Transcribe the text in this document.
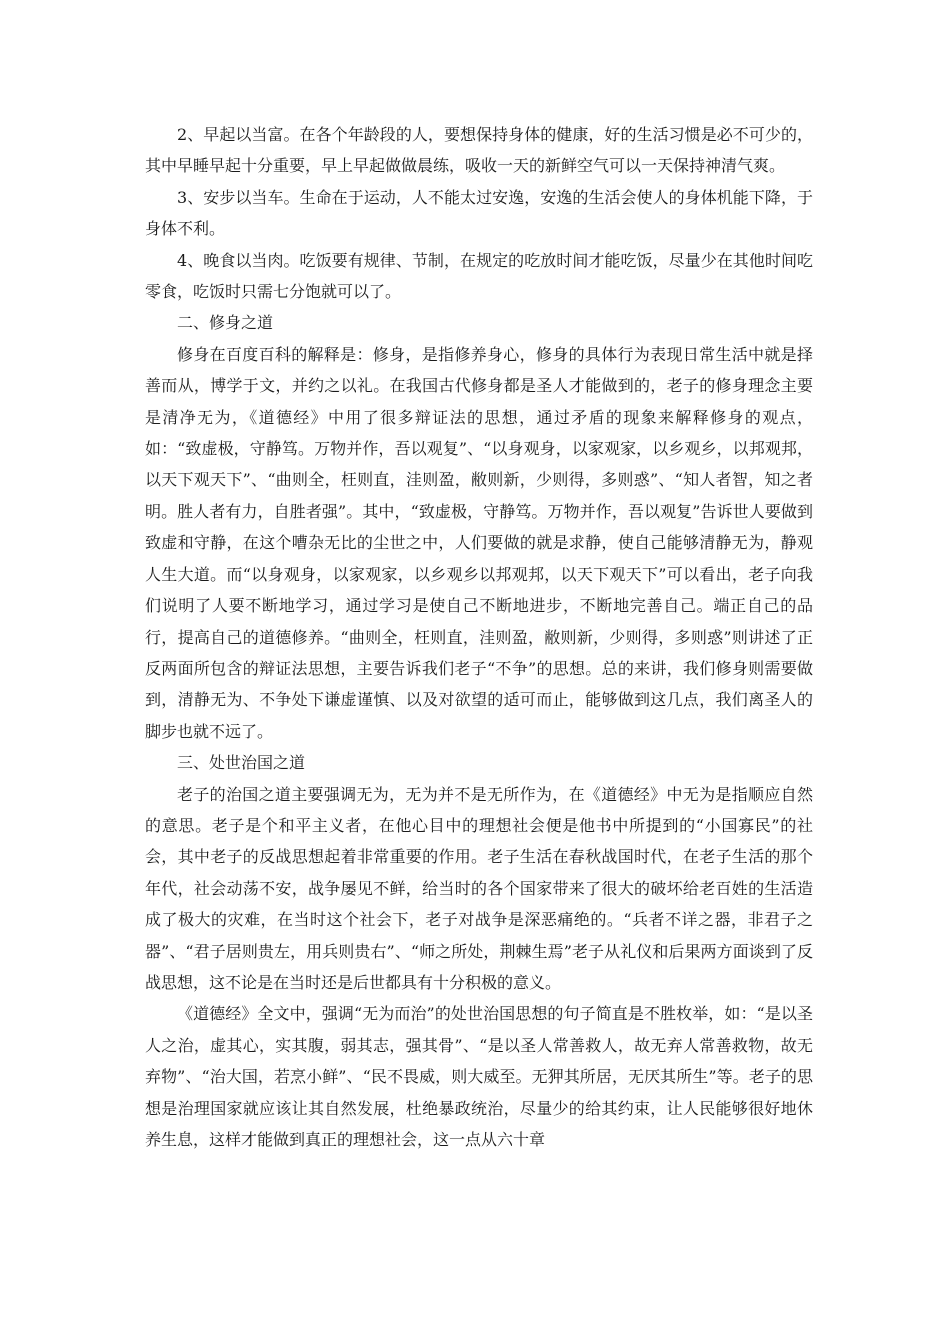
2、早起以当富。在各个年龄段的人，要想保持身体的健康，好的生活习惯是必不可少的，其中早睡早起十分重要，早上早起做做晨练，吸收一天的新鲜空气可以一天保持神清气爽。

3、安步以当车。生命在于运动，人不能太过安逸，安逸的生活会使人的身体机能下降，于身体不利。

4、晚食以当肉。吃饭要有规律、节制，在规定的吃放时间才能吃饭，尽量少在其他时间吃零食，吃饭时只需七分饱就可以了。

二、修身之道

修身在百度百科的解释是：修身，是指修养身心，修身的具体行为表现日常生活中就是择善而从，博学于文，并约之以礼。在我国古代修身都是圣人才能做到的，老子的修身理念主要是清净无为，《道德经》中用了很多辩证法的思想，通过矛盾的现象来解释修身的观点，如：“致虚极，守静笃。万物并作，吾以观复”、“以身观身，以家观家，以乡观乡，以邦观邦，以天下观天下”、“曲则全，枉则直，洼则盈，敝则新，少则得，多则惑”、“知人者智，知之者明。胜人者有力，自胜者强”。其中，“致虚极，守静笃。万物并作，吾以观复”告诉世人要做到致虚和守静，在这个嘈杂无比的尘世之中，人们要做的就是求静，使自己能够清静无为，静观人生大道。而“以身观身，以家观家，以乡观乡以邦观邦，以天下观天下”可以看出，老子向我们说明了人要不断地学习，通过学习是使自己不断地进步，不断地完善自己。端正自己的品行，提高自己的道德修养。“曲则全，枉则直，洼则盈，敝则新，少则得，多则惑”则讲述了正反两面所包含的辩证法思想，主要告诉我们老子“不争”的思想。总的来讲，我们修身则需要做到，清静无为、不争处下谦虚谨慎、以及对欲望的适可而止，能够做到这几点，我们离圣人的脚步也就不远了。

三、处世治国之道

老子的治国之道主要强调无为，无为并不是无所作为，在《道德经》中无为是指顺应自然的意思。老子是个和平主义者，在他心目中的理想社会便是他书中所提到的“小国寡民”的社会，其中老子的反战思想起着非常重要的作用。老子生活在春秋战国时代，在老子生活的那个年代，社会动荡不安，战争屡见不鲜，给当时的各个国家带来了很大的破坏给老百姓的生活造成了极大的灾难，在当时这个社会下，老子对战争是深恶痛绝的。“兵者不详之器，非君子之器”、“君子居则贵左，用兵则贵右”、“师之所处，荆棘生焉”老子从礼仪和后果两方面谈到了反战思想，这不论是在当时还是后世都具有十分积极的意义。

《道德经》全文中，强调“无为而治”的处世治国思想的句子简直是不胜枚举，如：“是以圣人之治，虚其心，实其腹，弱其志，强其骨”、“是以圣人常善救人，故无弃人常善救物，故无弃物”、“治大国，若烹小鲜”、“民不畏威，则大威至。无狎其所居，无厌其所生”等。老子的思想是治理国家就应该让其自然发展，杜绝暴政统治，尽量少的给其约束，让人民能够很好地休养生息，这样才能做到真正的理想社会，这一点从六十章
